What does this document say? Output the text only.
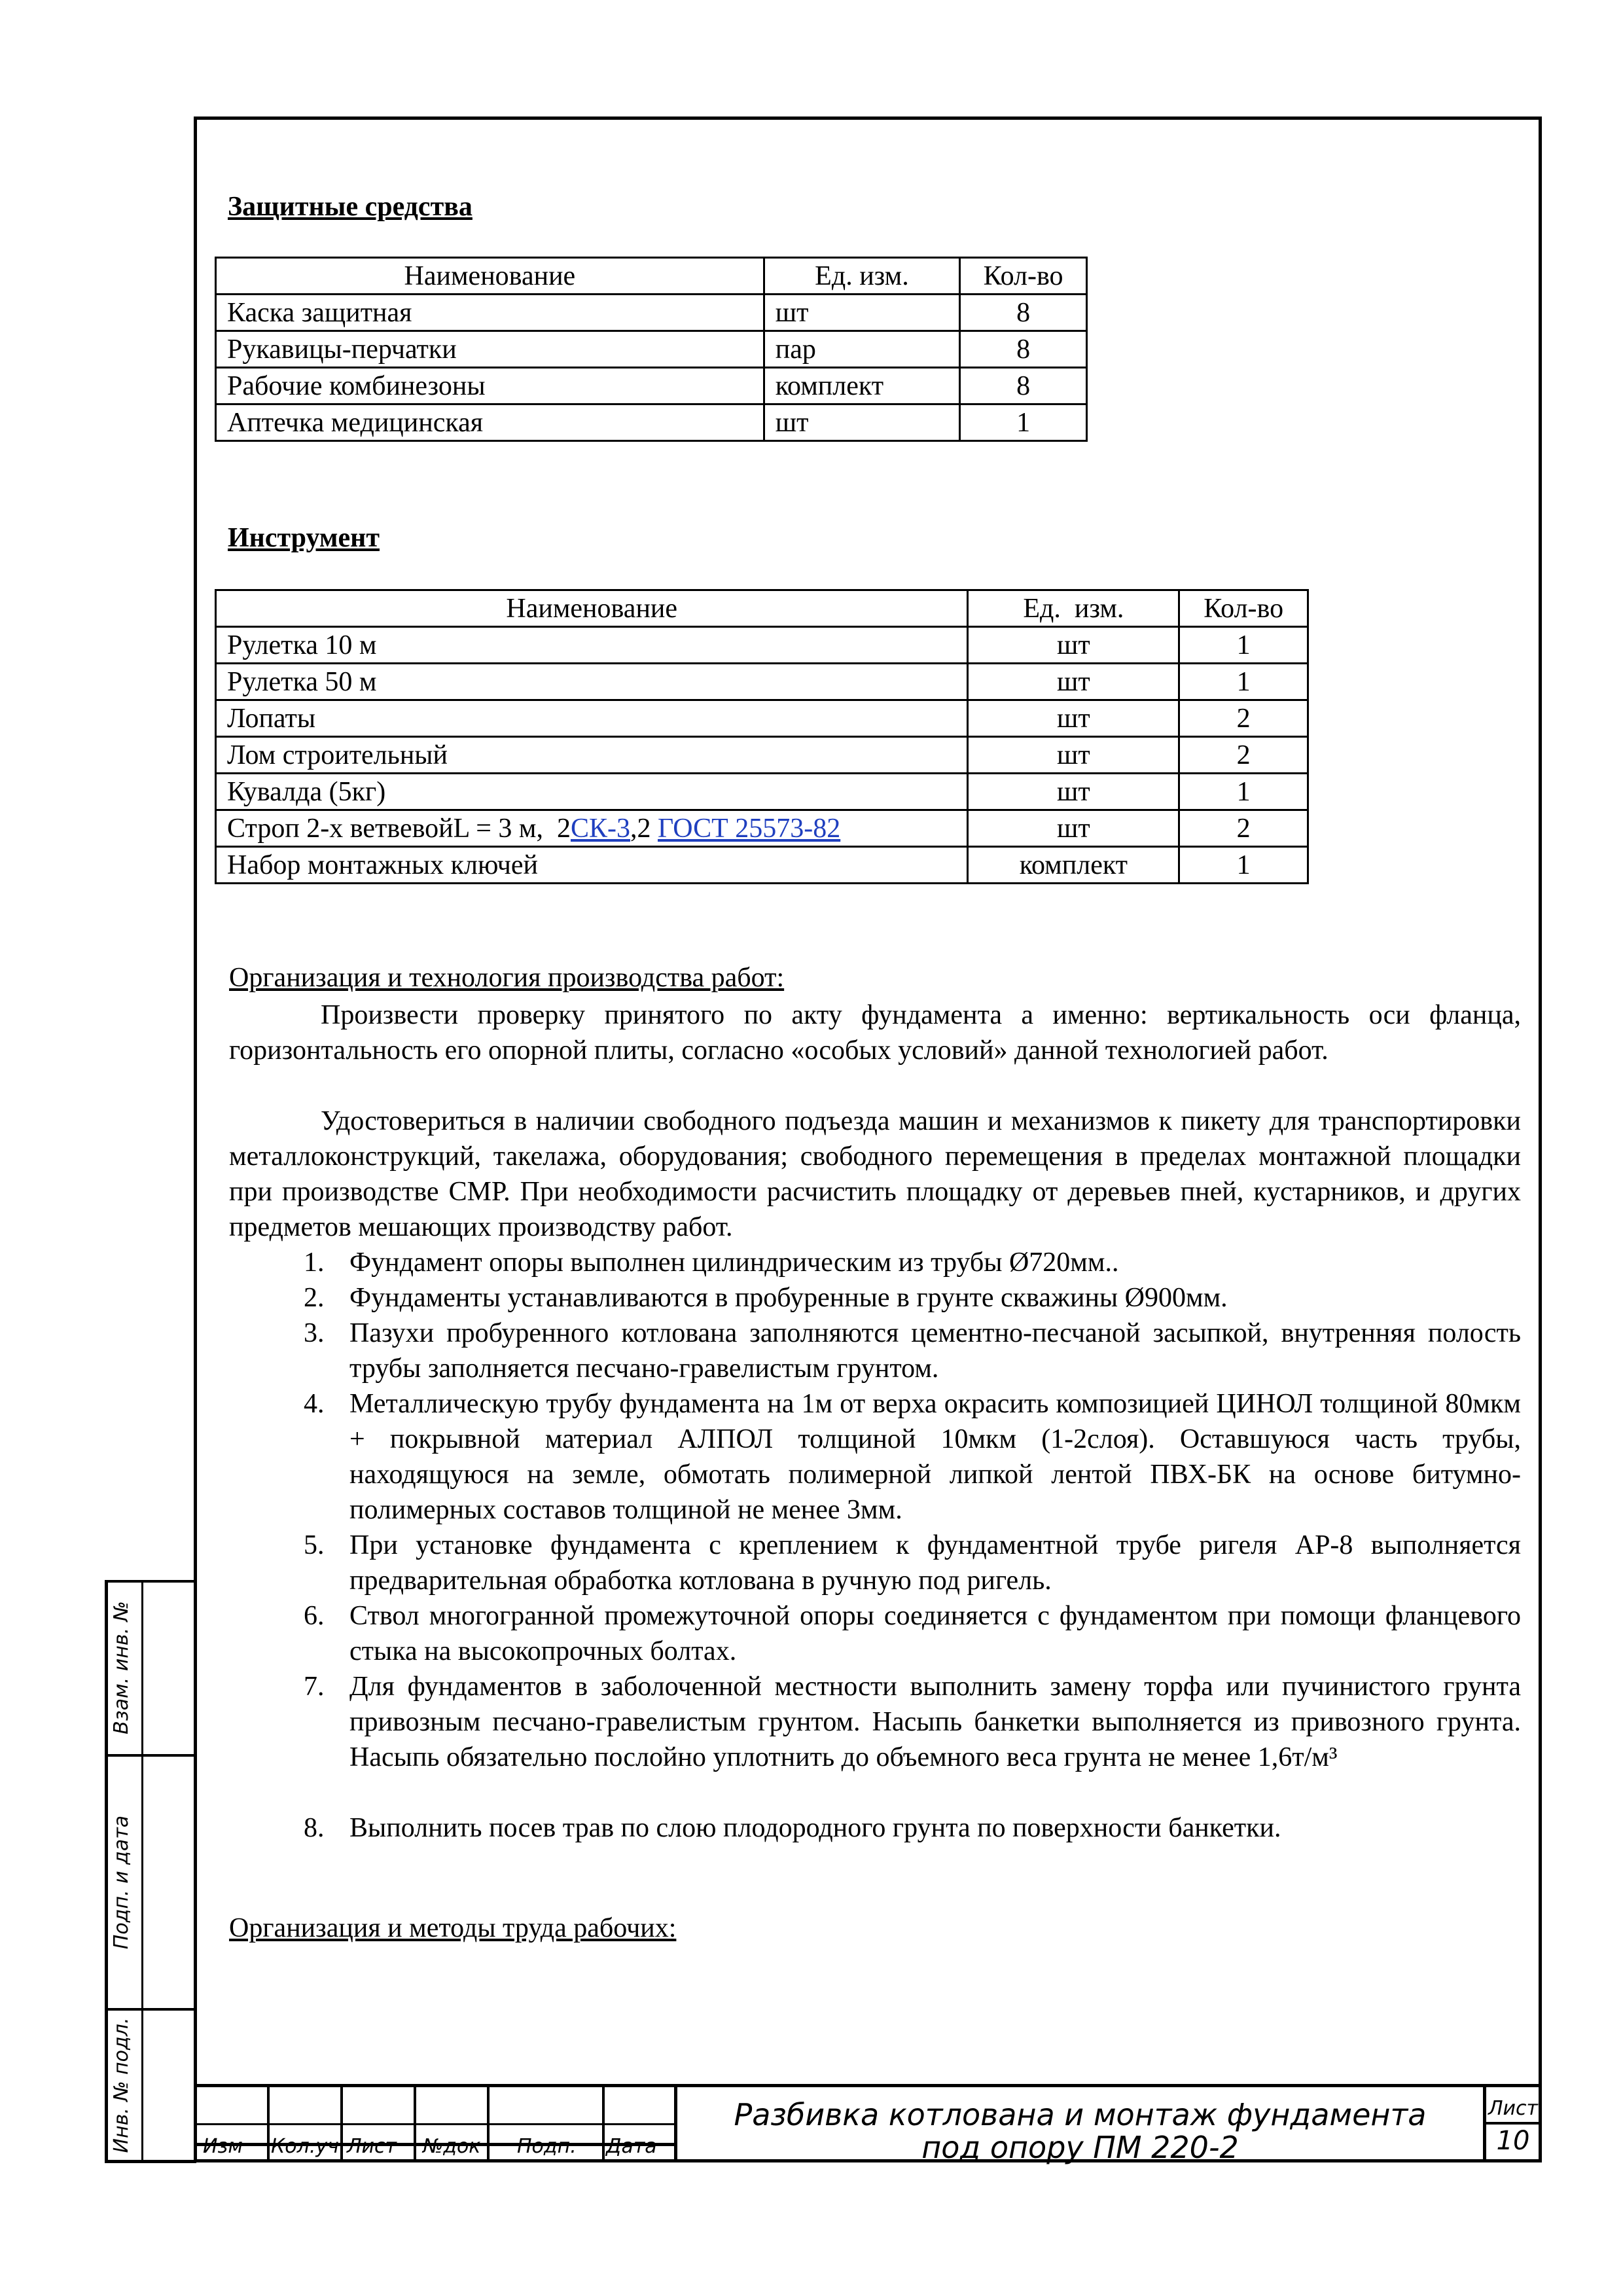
Защитные средства
Наименование	Ед. изм.	Кол-во
Каска защитная	шт	8
Рукавицы-перчатки	пар	8
Рабочие комбинезоны	комплект	8
Аптечка медицинская	шт	1
Инструмент
Наименование	Ед.  изм.	Кол-во
Рулетка 10 м	шт	1
Рулетка 50 м	шт	1
Лопаты	шт	2
Лом строительный	шт	2
Кувалда (5кг)	шт	1
Строп 2-х ветвевойL = 3 м,  2СК-3,2 ГОСТ 25573-82	шт	2
Набор монтажных ключей	комплект	1
Организация и технология производства работ:
Произвести проверку принятого по акту фундамента а именно: вертикальность оси фланца, горизонтальность его опорной плиты, согласно «особых условий» данной технологией работ.
Удостовериться в наличии свободного подъезда машин и механизмов к пикету для транспортировки металлоконструкций, такелажа, оборудования; свободного перемещения в пределах монтажной площадки при производстве СМР. При необходимости расчистить площадку от деревьев пней, кустарников, и других предметов мешающих производству работ.
1. Фундамент опоры выполнен цилиндрическим из трубы Ø720мм..
2. Фундаменты устанавливаются в пробуренные в грунте скважины Ø900мм.
3. Пазухи пробуренного котлована заполняются цементно-песчаной засыпкой, внутренняя полость трубы заполняется песчано-гравелистым грунтом.
4. Металлическую трубу фундамента на 1м от верха окрасить композицией ЦИНОЛ толщиной 80мкм + покрывной материал АЛПОЛ толщиной 10мкм (1-2слоя). Оставшуюся часть трубы, находящуюся на земле, обмотать полимерной липкой лентой ПВХ-БК на основе битумно-полимерных составов толщиной не менее 3мм.
5. При установке фундамента с креплением к фундаментной трубе ригеля АР-8 выполняется предварительная обработка котлована в ручную под ригель.
6. Ствол многогранной промежуточной опоры соединяется с фундаментом при помощи фланцевого стыка на высокопрочных болтах.
7. Для фундаментов в заболоченной местности выполнить замену торфа или пучинистого грунта привозным песчано-гравелистым грунтом. Насыпь банкетки выполняется из привозного грунта. Насыпь обязательно послойно уплотнить до объемного веса грунта не менее 1,6т/м³
8. Выполнить посев трав по слою плодородного грунта по поверхности банкетки.
Организация и методы труда рабочих:
Изм	Кол.уч Лист	№док	Подп.	Дата
Разбивка котлована и монтаж фундамента
под опору ПМ 220-2
Лист
10
Взам. инв. №
Подп. и дата
Инв. № подл.
